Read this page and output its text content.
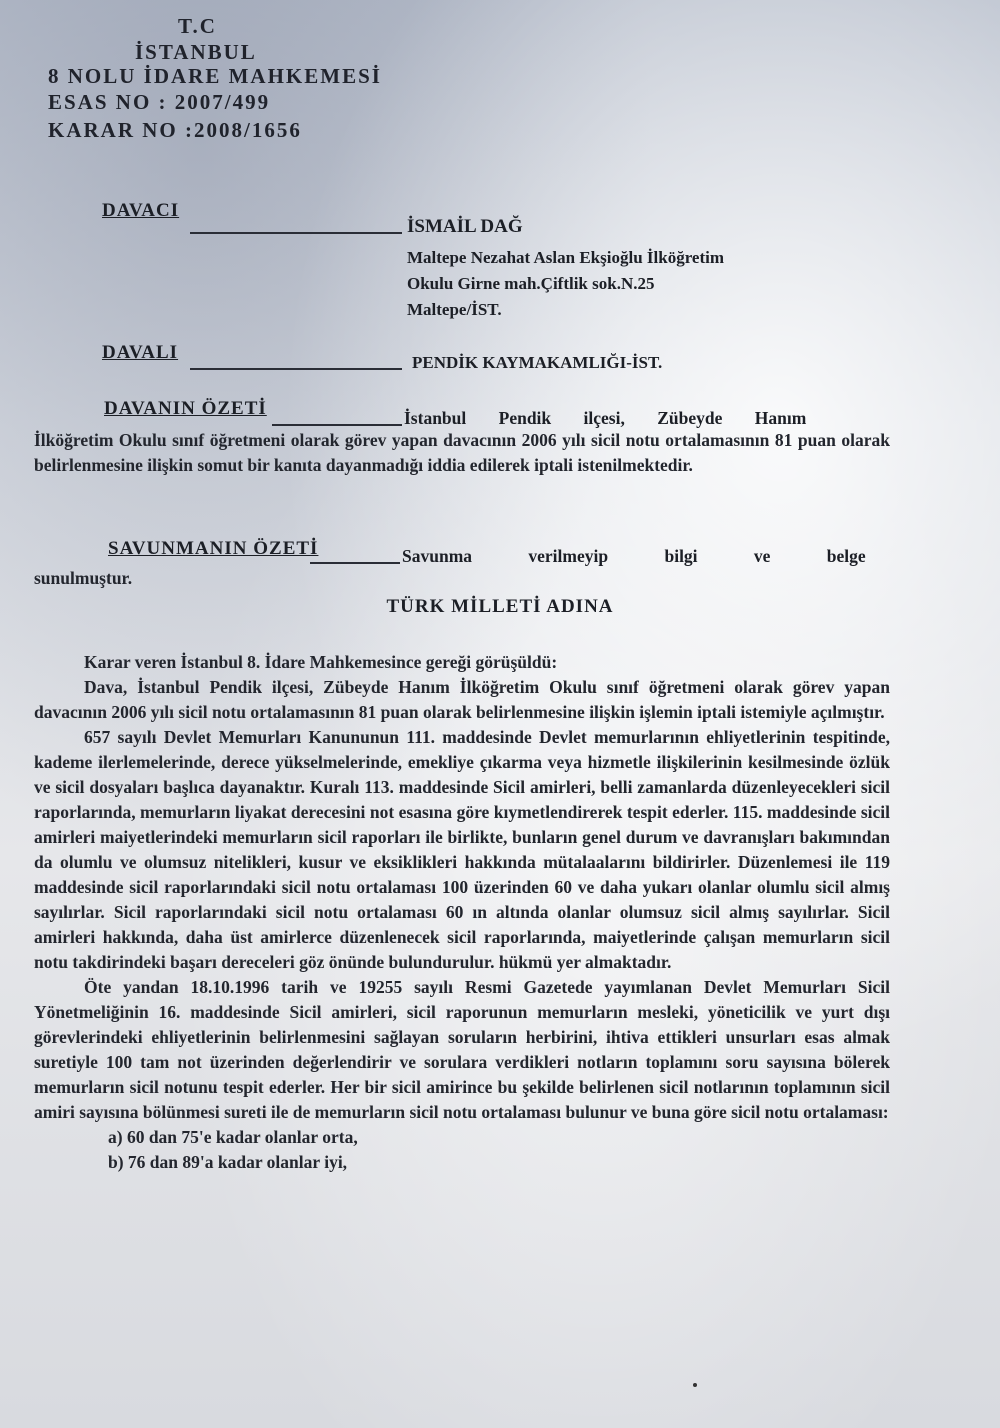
T.C
İSTANBUL
8 NOLU İDARE MAHKEMESİ
ESAS NO : 2007/499
KARAR NO :2008/1656
DAVACI
İSMAİL DAĞ
Maltepe Nezahat Aslan Ekşioğlu İlköğretim
Okulu Girne mah.Çiftlik sok.N.25
Maltepe/İST.
DAVALI	PENDİK KAYMAKAMLIĞI-İST.
DAVANIN ÖZETİ	İstanbul Pendik ilçesi, Zübeyde Hanım

İlköğretim Okulu sınıf öğretmeni olarak görev yapan davacının 2006 yılı sicil notu ortalamasının 81 puan olarak belirlenmesine ilişkin somut bir kanıta dayanmadığı iddia edilerek iptali istenilmektedir.

SAVUNMANIN ÖZETİ	Savunma verilmeyip bilgi ve belge

sunulmuştur.

TÜRK MİLLETİ ADINA

Karar veren İstanbul 8. İdare Mahkemesince gereği görüşüldü:

Dava, İstanbul Pendik ilçesi, Zübeyde Hanım İlköğretim Okulu sınıf öğretmeni olarak görev yapan davacının 2006 yılı sicil notu ortalamasının 81 puan olarak belirlenmesine ilişkin işlemin iptali istemiyle açılmıştır.

657 sayılı Devlet Memurları Kanununun 111. maddesinde Devlet memurlarının ehliyetlerinin tespitinde, kademe ilerlemelerinde, derece yükselmelerinde, emekliye çıkarma veya hizmetle ilişkilerinin kesilmesinde özlük ve sicil dosyaları başlıca dayanaktır. Kuralı 113. maddesinde Sicil amirleri, belli zamanlarda düzenleyecekleri sicil raporlarında, memurların liyakat derecesini not esasına göre kıymetlendirerek tespit ederler. 115. maddesinde sicil amirleri maiyetlerindeki memurların sicil raporları ile birlikte, bunların genel durum ve davranışları bakımından da olumlu ve olumsuz nitelikleri, kusur ve eksiklikleri hakkında mütalaalarını bildirirler. Düzenlemesi ile 119 maddesinde sicil raporlarındaki sicil notu ortalaması 100 üzerinden 60 ve daha yukarı olanlar olumlu sicil almış sayılırlar. Sicil raporlarındaki sicil notu ortalaması 60 ın altında olanlar olumsuz sicil almış sayılırlar. Sicil amirleri hakkında, daha üst amirlerce düzenlenecek sicil raporlarında, maiyetlerinde çalışan memurların sicil notu takdirindeki başarı dereceleri göz önünde bulundurulur. hükmü yer almaktadır.

Öte yandan 18.10.1996 tarih ve 19255 sayılı Resmi Gazetede yayımlanan Devlet Memurları Sicil Yönetmeliğinin 16. maddesinde Sicil amirleri, sicil raporunun memurların mesleki, yöneticilik ve yurt dışı görevlerindeki ehliyetlerinin belirlenmesini sağlayan soruların herbirini, ihtiva ettikleri unsurları esas almak suretiyle 100 tam not üzerinden değerlendirir ve sorulara verdikleri notların toplamını soru sayısına bölerek memurların sicil notunu tespit ederler. Her bir sicil amirince bu şekilde belirlenen sicil notlarının toplamının sicil amiri sayısına bölünmesi sureti ile de memurların sicil notu ortalaması bulunur ve buna göre sicil notu ortalaması:

a) 60 dan 75'e kadar olanlar orta,

b) 76 dan 89'a kadar olanlar iyi,
